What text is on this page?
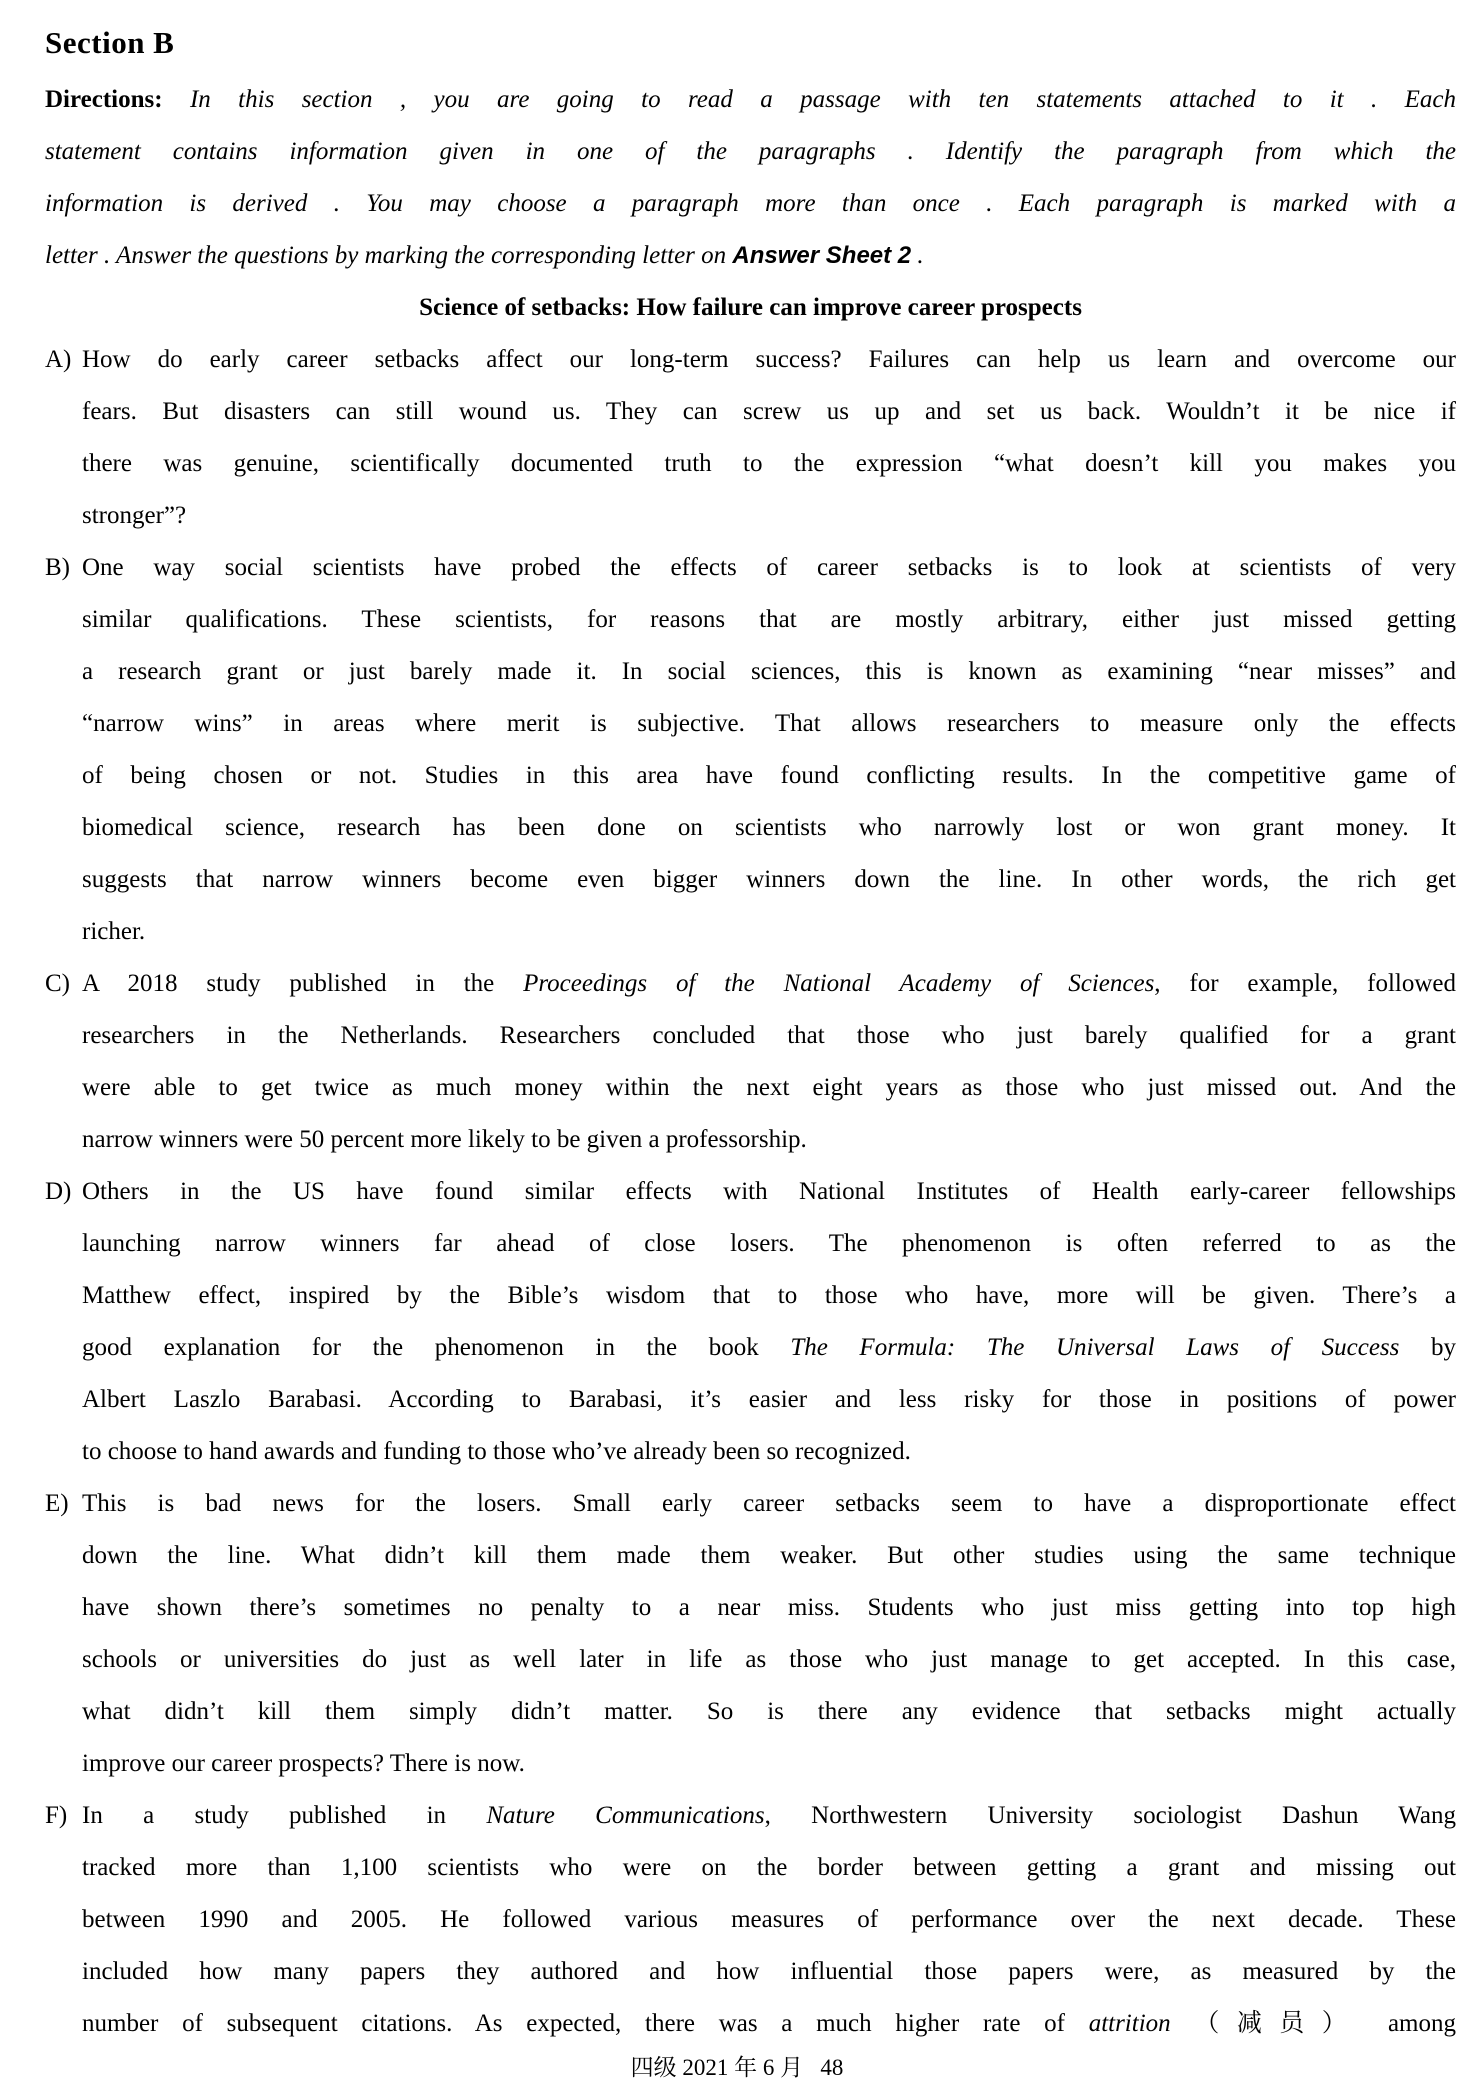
Section B
Directions: In this section , you are going to read a passage with ten statements attached to it . Each
statement contains information given in one of the paragraphs . Identify the paragraph from which the
information is derived . You may choose a paragraph more than once . Each paragraph is marked with a
letter . Answer the questions by marking the corresponding letter on Answer Sheet 2 .
Science of setbacks: How failure can improve career prospects
A) How do early career setbacks affect our long-term success? Failures can help us learn and overcome our
fears. But disasters can still wound us. They can screw us up and set us back. Wouldn’t it be nice if
there was genuine, scientifically documented truth to the expression “what doesn’t kill you makes you
stronger”?
B) One way social scientists have probed the effects of career setbacks is to look at scientists of very
similar qualifications. These scientists, for reasons that are mostly arbitrary, either just missed getting
a research grant or just barely made it. In social sciences, this is known as examining “near misses” and
“narrow wins” in areas where merit is subjective. That allows researchers to measure only the effects
of being chosen or not. Studies in this area have found conflicting results. In the competitive game of
biomedical science, research has been done on scientists who narrowly lost or won grant money. It
suggests that narrow winners become even bigger winners down the line. In other words, the rich get
richer.
C) A 2018 study published in the Proceedings of the National Academy of Sciences, for example, followed
researchers in the Netherlands. Researchers concluded that those who just barely qualified for a grant
were able to get twice as much money within the next eight years as those who just missed out. And the
narrow winners were 50 percent more likely to be given a professorship.
D) Others in the US have found similar effects with National Institutes of Health early-career fellowships
launching narrow winners far ahead of close losers. The phenomenon is often referred to as the
Matthew effect, inspired by the Bible’s wisdom that to those who have, more will be given. There’s a
good explanation for the phenomenon in the book The Formula: The Universal Laws of Success by
Albert Laszlo Barabasi. According to Barabasi, it’s easier and less risky for those in positions of power
to choose to hand awards and funding to those who’ve already been so recognized.
E) This is bad news for the losers. Small early career setbacks seem to have a disproportionate effect
down the line. What didn’t kill them made them weaker. But other studies using the same technique
have shown there’s sometimes no penalty to a near miss. Students who just miss getting into top high
schools or universities do just as well later in life as those who just manage to get accepted. In this case,
what didn’t kill them simply didn’t matter. So is there any evidence that setbacks might actually
improve our career prospects? There is now.
F) In a study published in Nature Communications, Northwestern University sociologist Dashun Wang
tracked more than 1,100 scientists who were on the border between getting a grant and missing out
between 1990 and 2005. He followed various measures of performance over the next decade. These
included how many papers they authored and how influential those papers were, as measured by the
number of subsequent citations. As expected, there was a much higher rate of attrition （减员） among
四级 2021 年 6 月   48
